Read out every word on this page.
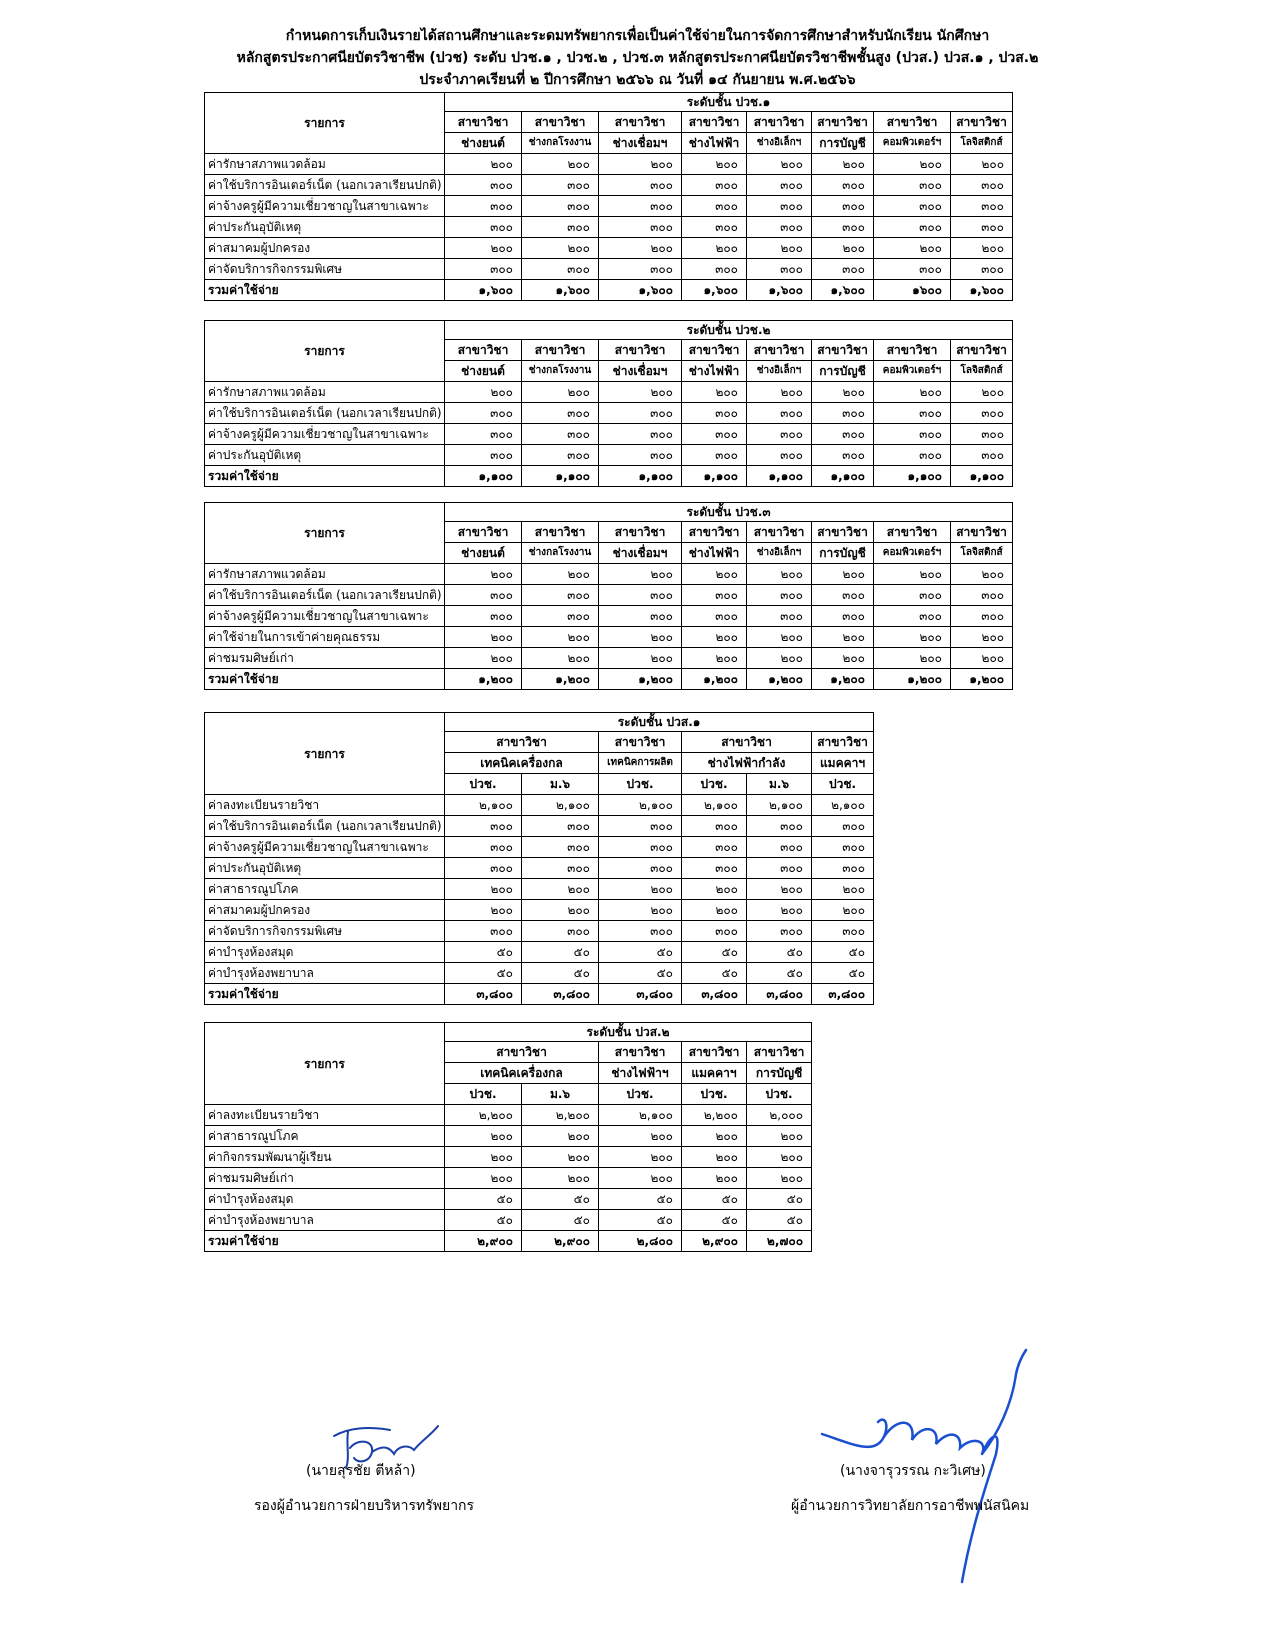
กำหนดการเก็บเงินรายได้สถานศึกษาและระดมทรัพยากรเพื่อเป็นค่าใช้จ่ายในการจัดการศึกษาสำหรับนักเรียน นักศึกษา
หลักสูตรประกาศนียบัตรวิชาชีพ (ปวช) ระดับ ปวช.๑ , ปวช.๒ , ปวช.๓ หลักสูตรประกาศนียบัตรวิชาชีพชั้นสูง (ปวส.) ปวส.๑ , ปวส.๒
ประจำภาคเรียนที่ ๒ ปีการศึกษา ๒๕๖๖ ณ วันที่ ๑๔ กันยายน พ.ศ.๒๕๖๖
รายการ	ระดับชั้น ปวช.๑							
	สาขาวิชา	สาขาวิชา	สาขาวิชา	สาขาวิชา	สาขาวิชา	สาขาวิชา	สาขาวิชา	สาขาวิชา
	ช่างยนต์	ช่างกลโรงงาน	ช่างเชื่อมฯ	ช่างไฟฟ้า	ช่างอิเล็กฯ	การบัญชี	คอมพิวเตอร์ฯ	โลจิสติกส์
ค่ารักษาสภาพแวดล้อม	๒๐๐	๒๐๐	๒๐๐	๒๐๐	๒๐๐	๒๐๐	๒๐๐	๒๐๐
ค่าใช้บริการอินเตอร์เน็ต (นอกเวลาเรียนปกติ)	๓๐๐	๓๐๐	๓๐๐	๓๐๐	๓๐๐	๓๐๐	๓๐๐	๓๐๐
ค่าจ้างครูผู้มีความเชี่ยวชาญในสาขาเฉพาะ	๓๐๐	๓๐๐	๓๐๐	๓๐๐	๓๐๐	๓๐๐	๓๐๐	๓๐๐
ค่าประกันอุบัติเหตุ	๓๐๐	๓๐๐	๓๐๐	๓๐๐	๓๐๐	๓๐๐	๓๐๐	๓๐๐
ค่าสมาคมผู้ปกครอง	๒๐๐	๒๐๐	๒๐๐	๒๐๐	๒๐๐	๒๐๐	๒๐๐	๒๐๐
ค่าจัดบริการกิจกรรมพิเศษ	๓๐๐	๓๐๐	๓๐๐	๓๐๐	๓๐๐	๓๐๐	๓๐๐	๓๐๐
รวมค่าใช้จ่าย	๑,๖๐๐	๑,๖๐๐	๑,๖๐๐	๑,๖๐๐	๑,๖๐๐	๑,๖๐๐	๑๖๐๐	๑,๖๐๐
รายการ	ระดับชั้น ปวช.๒							
	สาขาวิชา	สาขาวิชา	สาขาวิชา	สาขาวิชา	สาขาวิชา	สาขาวิชา	สาขาวิชา	สาขาวิชา
	ช่างยนต์	ช่างกลโรงงาน	ช่างเชื่อมฯ	ช่างไฟฟ้า	ช่างอิเล็กฯ	การบัญชี	คอมพิวเตอร์ฯ	โลจิสติกส์
ค่ารักษาสภาพแวดล้อม	๒๐๐	๒๐๐	๒๐๐	๒๐๐	๒๐๐	๒๐๐	๒๐๐	๒๐๐
ค่าใช้บริการอินเตอร์เน็ต (นอกเวลาเรียนปกติ)	๓๐๐	๓๐๐	๓๐๐	๓๐๐	๓๐๐	๓๐๐	๓๐๐	๓๐๐
ค่าจ้างครูผู้มีความเชี่ยวชาญในสาขาเฉพาะ	๓๐๐	๓๐๐	๓๐๐	๓๐๐	๓๐๐	๓๐๐	๓๐๐	๓๐๐
ค่าประกันอุบัติเหตุ	๓๐๐	๓๐๐	๓๐๐	๓๐๐	๓๐๐	๓๐๐	๓๐๐	๓๐๐
รวมค่าใช้จ่าย	๑,๑๐๐	๑,๑๐๐	๑,๑๐๐	๑,๑๐๐	๑,๑๐๐	๑,๑๐๐	๑,๑๐๐	๑,๑๐๐
รายการ	ระดับชั้น ปวช.๓							
	สาขาวิชา	สาขาวิชา	สาขาวิชา	สาขาวิชา	สาขาวิชา	สาขาวิชา	สาขาวิชา	สาขาวิชา
	ช่างยนต์	ช่างกลโรงงาน	ช่างเชื่อมฯ	ช่างไฟฟ้า	ช่างอิเล็กฯ	การบัญชี	คอมพิวเตอร์ฯ	โลจิสติกส์
ค่ารักษาสภาพแวดล้อม	๒๐๐	๒๐๐	๒๐๐	๒๐๐	๒๐๐	๒๐๐	๒๐๐	๒๐๐
ค่าใช้บริการอินเตอร์เน็ต (นอกเวลาเรียนปกติ)	๓๐๐	๓๐๐	๓๐๐	๓๐๐	๓๐๐	๓๐๐	๓๐๐	๓๐๐
ค่าจ้างครูผู้มีความเชี่ยวชาญในสาขาเฉพาะ	๓๐๐	๓๐๐	๓๐๐	๓๐๐	๓๐๐	๓๐๐	๓๐๐	๓๐๐
ค่าใช้จ่ายในการเข้าค่ายคุณธรรม	๒๐๐	๒๐๐	๒๐๐	๒๐๐	๒๐๐	๒๐๐	๒๐๐	๒๐๐
ค่าชมรมศิษย์เก่า	๒๐๐	๒๐๐	๒๐๐	๒๐๐	๒๐๐	๒๐๐	๒๐๐	๒๐๐
รวมค่าใช้จ่าย	๑,๒๐๐	๑,๒๐๐	๑,๒๐๐	๑,๒๐๐	๑,๒๐๐	๑,๒๐๐	๑,๒๐๐	๑,๒๐๐
รายการ	ระดับชั้น ปวส.๑					
	สาขาวิชา		สาขาวิชา	สาขาวิชา		สาขาวิชา
	เทคนิคเครื่องกล		เทคนิคการผลิต	ช่างไฟฟ้ากำลัง		แมคคาฯ
	ปวช.	ม.๖	ปวช.	ปวช.	ม.๖	ปวช.
ค่าลงทะเบียนรายวิชา	๒,๑๐๐	๒,๑๐๐	๒,๑๐๐	๒,๑๐๐	๒,๑๐๐	๒,๑๐๐
ค่าใช้บริการอินเตอร์เน็ต (นอกเวลาเรียนปกติ)	๓๐๐	๓๐๐	๓๐๐	๓๐๐	๓๐๐	๓๐๐
ค่าจ้างครูผู้มีความเชี่ยวชาญในสาขาเฉพาะ	๓๐๐	๓๐๐	๓๐๐	๓๐๐	๓๐๐	๓๐๐
ค่าประกันอุบัติเหตุ	๓๐๐	๓๐๐	๓๐๐	๓๐๐	๓๐๐	๓๐๐
ค่าสาธารณูปโภค	๒๐๐	๒๐๐	๒๐๐	๒๐๐	๒๐๐	๒๐๐
ค่าสมาคมผู้ปกครอง	๒๐๐	๒๐๐	๒๐๐	๒๐๐	๒๐๐	๒๐๐
ค่าจัดบริการกิจกรรมพิเศษ	๓๐๐	๓๐๐	๓๐๐	๓๐๐	๓๐๐	๓๐๐
ค่าบำรุงห้องสมุด	๕๐	๕๐	๕๐	๕๐	๕๐	๕๐
ค่าบำรุงห้องพยาบาล	๕๐	๕๐	๕๐	๕๐	๕๐	๕๐
รวมค่าใช้จ่าย	๓,๘๐๐	๓,๘๐๐	๓,๘๐๐	๓,๘๐๐	๓,๘๐๐	๓,๘๐๐
รายการ	ระดับชั้น ปวส.๒				
	สาขาวิชา		สาขาวิชา	สาขาวิชา	สาขาวิชา
	เทคนิคเครื่องกล		ช่างไฟฟ้าฯ	แมคคาฯ	การบัญชี
	ปวช.	ม.๖	ปวช.	ปวช.	ปวช.
ค่าลงทะเบียนรายวิชา	๒,๒๐๐	๒,๒๐๐	๒,๑๐๐	๒,๒๐๐	๒,๐๐๐
ค่าสาธารณูปโภค	๒๐๐	๒๐๐	๒๐๐	๒๐๐	๒๐๐
ค่ากิจกรรมพัฒนาผู้เรียน	๒๐๐	๒๐๐	๒๐๐	๒๐๐	๒๐๐
ค่าชมรมศิษย์เก่า	๒๐๐	๒๐๐	๒๐๐	๒๐๐	๒๐๐
ค่าบำรุงห้องสมุด	๕๐	๕๐	๕๐	๕๐	๕๐
ค่าบำรุงห้องพยาบาล	๕๐	๕๐	๕๐	๕๐	๕๐
รวมค่าใช้จ่าย	๒,๙๐๐	๒,๙๐๐	๒,๘๐๐	๒,๙๐๐	๒,๗๐๐
(นายสุรชัย ตีหล้า)
รองผู้อำนวยการฝ่ายบริหารทรัพยากร
(นางจารุวรรณ กะวิเศษ)
ผู้อำนวยการวิทยาลัยการอาชีพพนัสนิคม
